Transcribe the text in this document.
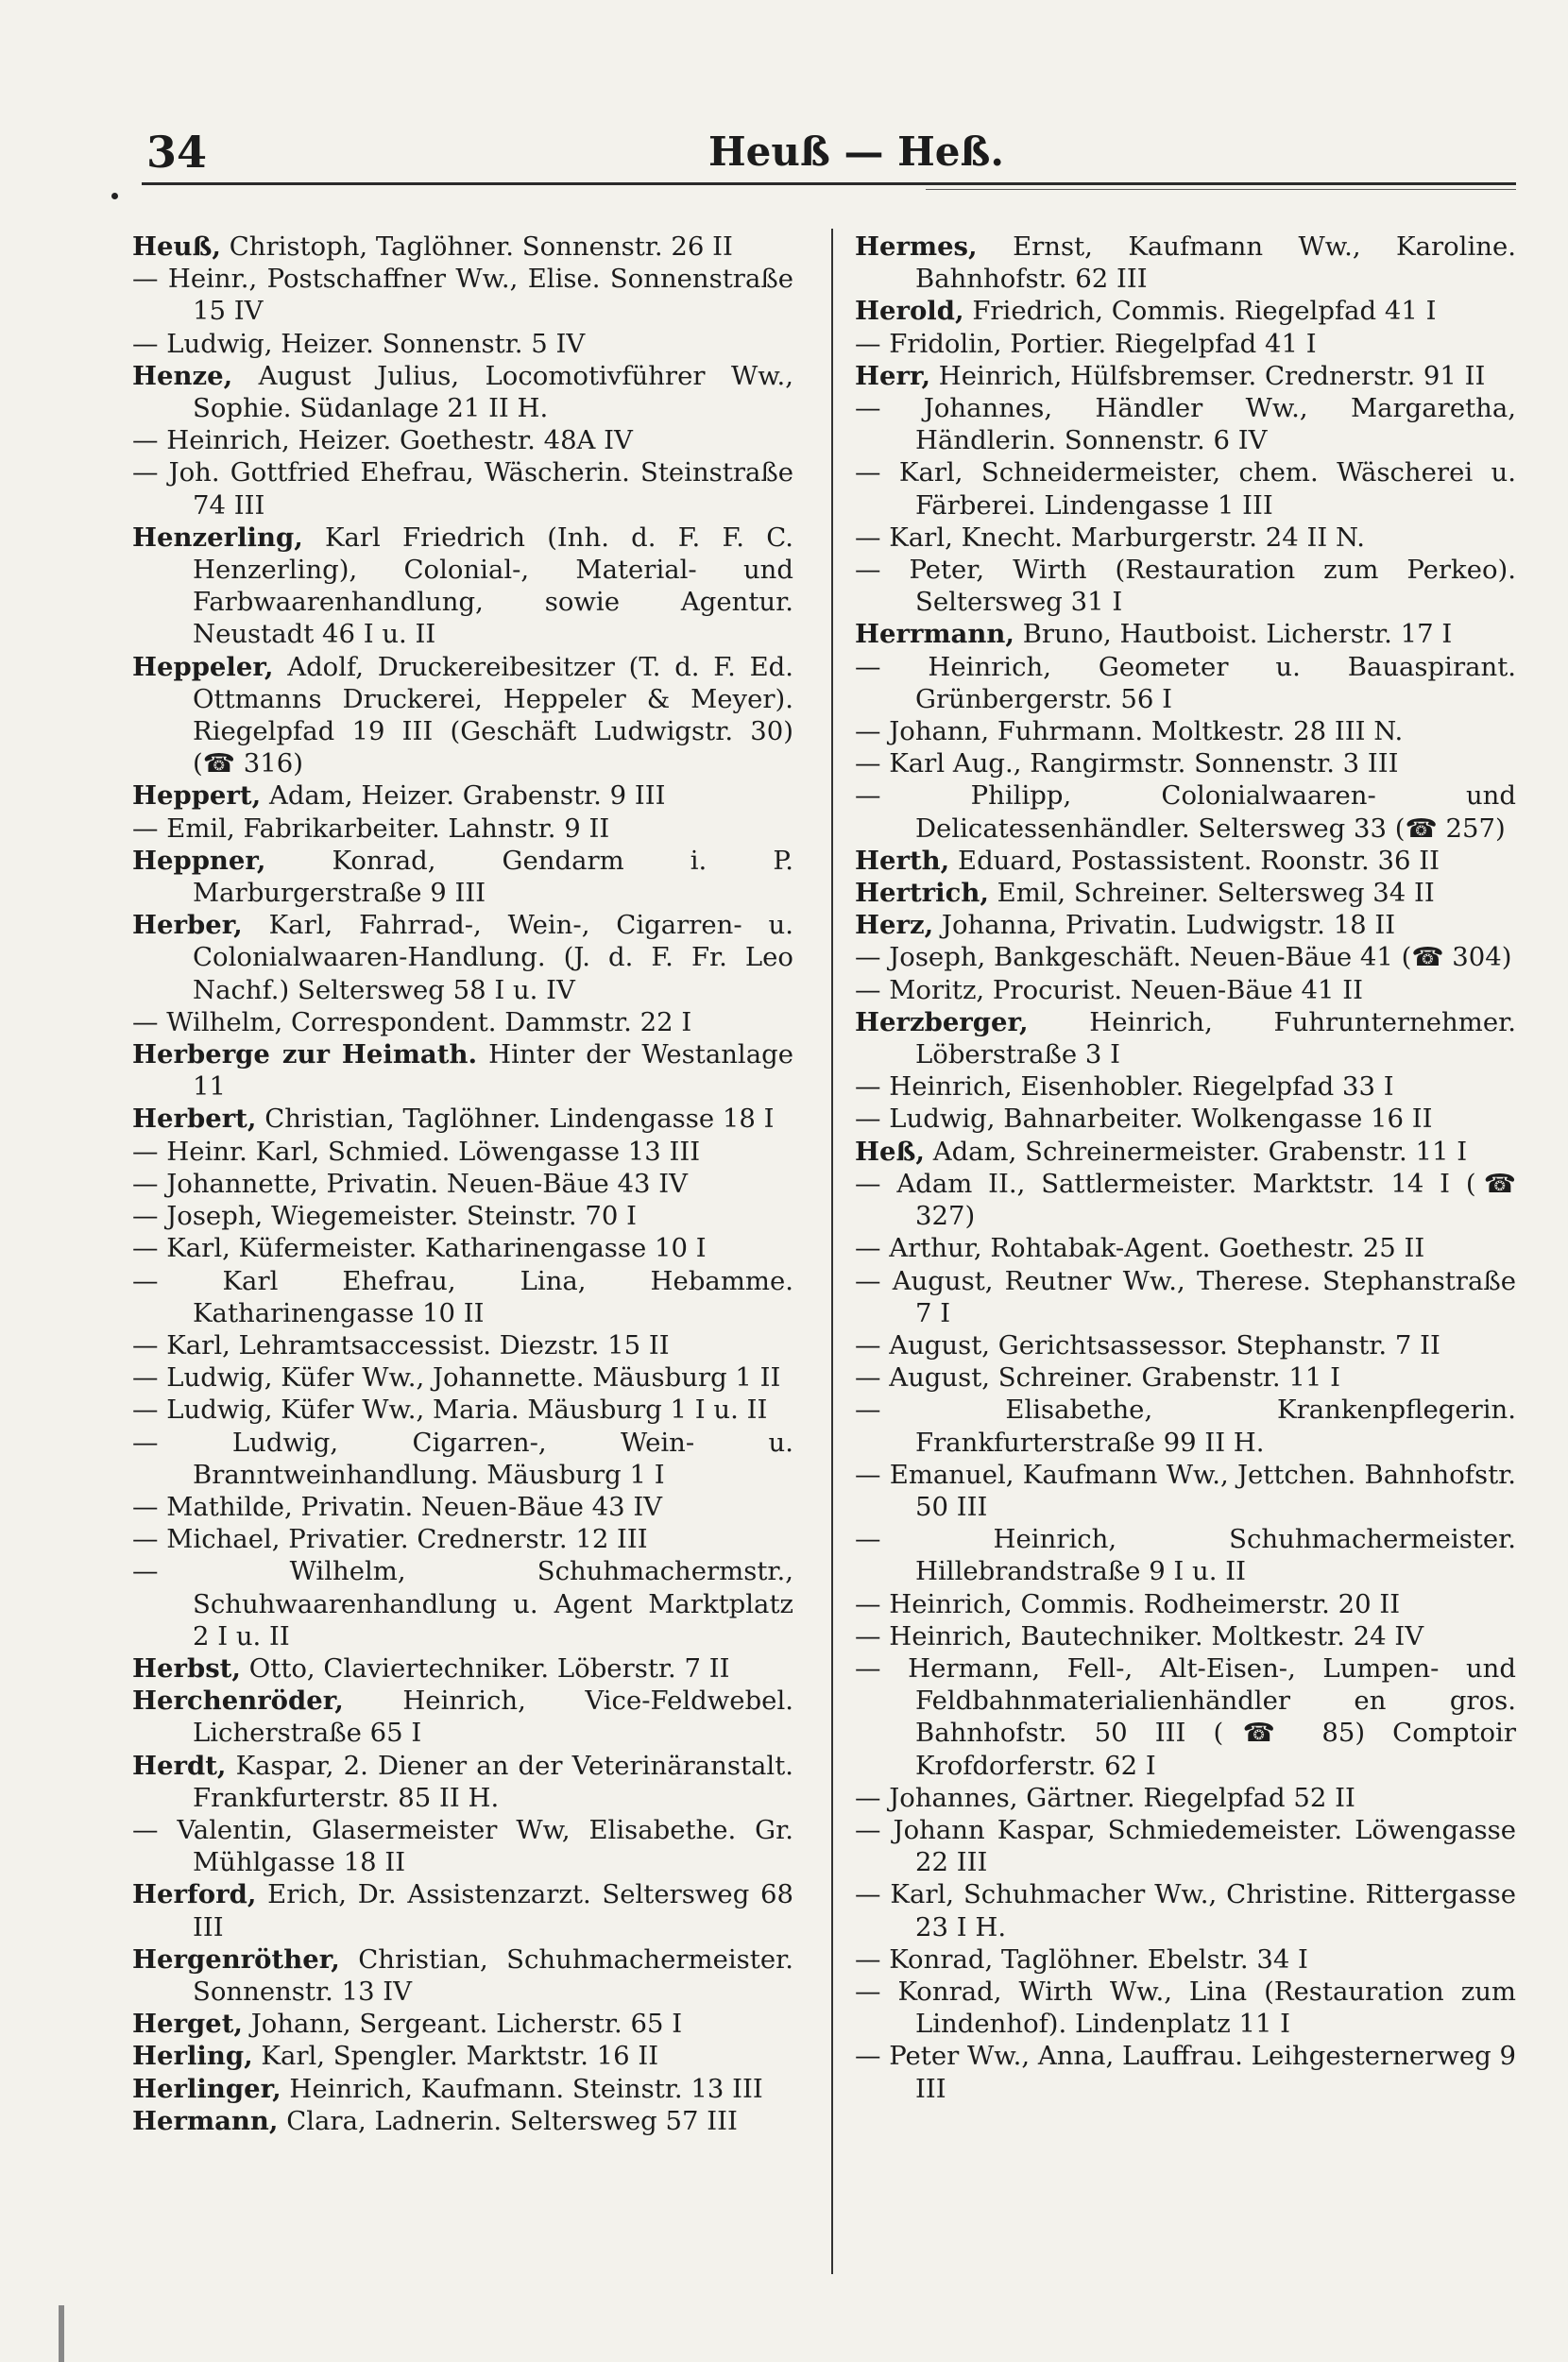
34	Heuß — Heß.

Heuß, Christoph, Taglöhner. Sonnenstr. 26 II

— Heinr., Postschaffner Ww., Elise. Sonnenstraße 15 IV

— Ludwig, Heizer. Sonnenstr. 5 IV

Henze, August Julius, Locomotivführer Ww., Sophie. Südanlage 21 II H.

— Heinrich, Heizer. Goethestr. 48A IV

— Joh. Gottfried Ehefrau, Wäscherin. Steinstraße 74 III

Henzerling, Karl Friedrich (Inh. d. F. F. C. Henzerling), Colonial-, Material- und Farbwaarenhandlung, sowie Agentur. Neustadt 46 I u. II

Heppeler, Adolf, Druckereibesitzer (T. d. F. Ed. Ottmanns Druckerei, Heppeler & Meyer). Riegelpfad 19 III (Geschäft Ludwigstr. 30) (☎ 316)

Heppert, Adam, Heizer. Grabenstr. 9 III

— Emil, Fabrikarbeiter. Lahnstr. 9 II

Heppner,	Konrad, Gendarm i. P. Marburgerstraße 9 III

Herber, Karl, Fahrrad-, Wein-, Cigarren- u. Colonialwaaren-Handlung. (J. d. F. Fr. Leo Nachf.) Seltersweg 58 I u. IV

— Wilhelm, Correspondent. Dammstr. 22 I

Herberge zur Heimath. Hinter der Westanlage 11

Herbert, Christian, Taglöhner. Lindengasse 18 I

— Heinr. Karl, Schmied. Löwengasse 13 III

— Johannette, Privatin. Neuen-Bäue 43 IV

— Joseph, Wiegemeister. Steinstr. 70 I

— Karl, Küfermeister. Katharinengasse 10 I

— Karl Ehefrau, Lina, Hebamme. Katharinengasse 10 II

— Karl, Lehramtsaccessist. Diezstr. 15 II

— Ludwig, Küfer Ww., Johannette. Mäusburg 1 II

— Ludwig, Küfer Ww., Maria. Mäusburg 1 I u. II

— Ludwig, Cigarren-, Wein- u. Branntweinhandlung. Mäusburg 1 I

— Mathilde, Privatin. Neuen-Bäue 43 IV

— Michael, Privatier. Crednerstr. 12 III

— Wilhelm, Schuhmachermstr., Schuhwaarenhandlung u. Agent Marktplatz 2 I u. II

Herbst, Otto, Claviertechniker. Löberstr. 7 II

Herchenröder, Heinrich, Vice-Feldwebel. Licherstraße 65 I

Herdt, Kaspar, 2. Diener an der Veterinäranstalt. Frankfurterstr. 85 II H.

— Valentin, Glasermeister Ww, Elisabethe. Gr. Mühlgasse 18 II

Herford, Erich, Dr. Assistenzarzt. Seltersweg 68 III

Hergenröther, Christian, Schuhmachermeister. Sonnenstr. 13 IV

Herget, Johann, Sergeant. Licherstr. 65 I

Herling, Karl, Spengler. Marktstr. 16 II

Herlinger, Heinrich, Kaufmann. Steinstr. 13 III

Hermann, Clara, Ladnerin. Seltersweg 57 III

Hermes, Ernst, Kaufmann Ww., Karoline. Bahnhofstr. 62 III

Herold, Friedrich, Commis. Riegelpfad 41 I

— Fridolin, Portier. Riegelpfad 41 I

Herr, Heinrich, Hülfsbremser. Crednerstr. 91 II

— Johannes, Händler Ww., Margaretha, Händlerin. Sonnenstr. 6 IV

— Karl, Schneidermeister, chem. Wäscherei u. Färberei. Lindengasse 1 III

— Karl, Knecht. Marburgerstr. 24 II N.

— Peter, Wirth (Restauration zum Perkeo). Seltersweg 31 I

Herrmann, Bruno, Hautboist. Licherstr. 17 I

— Heinrich, Geometer u. Bauaspirant. Grünbergerstr. 56 I

— Johann, Fuhrmann. Moltkestr. 28 III N.

— Karl Aug., Rangirmstr. Sonnenstr. 3 III

— Philipp, Colonialwaaren- und Delicatessenhändler. Seltersweg 33 (☎ 257)

Herth, Eduard, Postassistent. Roonstr. 36 II

Hertrich, Emil, Schreiner. Seltersweg 34 II

Herz, Johanna, Privatin. Ludwigstr. 18 II

— Joseph, Bankgeschäft. Neuen-Bäue 41 (☎ 304)

— Moritz, Procurist. Neuen-Bäue 41 II

Herzberger, Heinrich, Fuhrunternehmer. Löberstraße 3 I

— Heinrich, Eisenhobler. Riegelpfad 33 I

— Ludwig, Bahnarbeiter. Wolkengasse 16 II

Heß, Adam, Schreinermeister. Grabenstr. 11 I

— Adam II., Sattlermeister. Marktstr. 14 I (☎ 327)

— Arthur, Rohtabak-Agent. Goethestr. 25 II

— August, Reutner Ww., Therese. Stephanstraße 7 I

— August, Gerichtsassessor. Stephanstr. 7 II

— August, Schreiner. Grabenstr. 11 I

— Elisabethe, Krankenpflegerin. Frankfurterstraße 99 II H.

— Emanuel, Kaufmann Ww., Jettchen. Bahnhofstr. 50 III

— Heinrich, Schuhmachermeister. Hillebrandstraße 9 I u. II

— Heinrich, Commis. Rodheimerstr. 20 II

— Heinrich, Bautechniker. Moltkestr. 24 IV

— Hermann, Fell-, Alt-Eisen-, Lumpen- und Feldbahnmaterialienhändler en gros. Bahnhofstr. 50 III (☎ 85) Comptoir Krofdorferstr. 62 I

— Johannes, Gärtner. Riegelpfad 52 II

— Johann Kaspar, Schmiedemeister. Löwengasse 22 III

— Karl, Schuhmacher Ww., Christine. Rittergasse 23 I H.

— Konrad, Taglöhner. Ebelstr. 34 I

— Konrad, Wirth Ww., Lina (Restauration zum Lindenhof). Lindenplatz 11 I

— Peter Ww., Anna, Lauffrau. Leihgesternerweg 9 III
